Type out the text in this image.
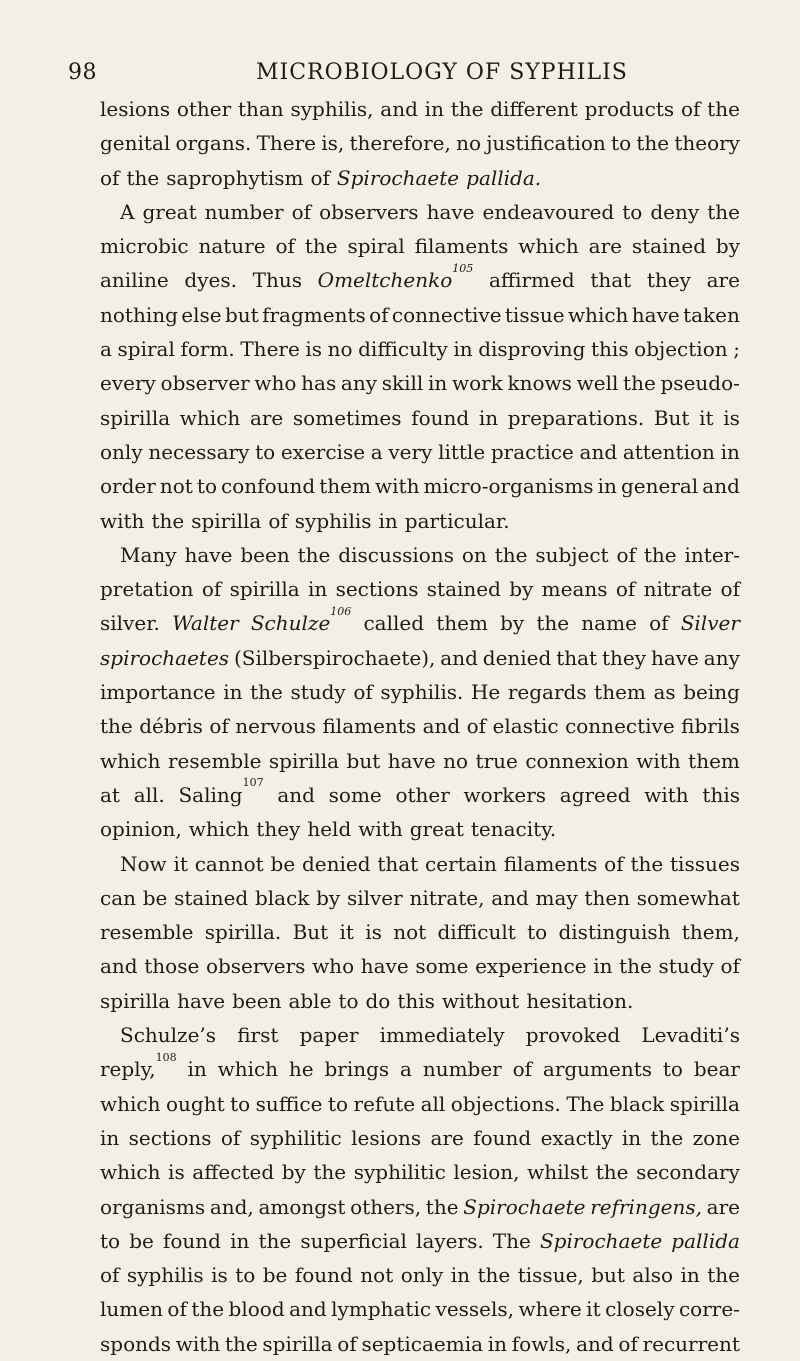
98	MICROBIOLOGY OF SYPHILIS
lesions other than syphilis, and in the different products of the
genital organs. There is, therefore, no justification to the theory
of the saprophytism of Spirochaete pallida.
A great number of observers have endeavoured to deny the
microbic nature of the spiral filaments which are stained by
aniline dyes. Thus Omeltchenko$^{105}$
affirmed that they are
nothing else but fragments of connective tissue which have taken
a spiral form. There is no difficulty in disproving this objection ;
every observer who has any skill in work knows well the pseudo-
spirilla which are sometimes found in preparations. But it is
only necessary to exercise a very little practice and attention in
order not to confound them with micro-organisms in general and
with the spirilla of syphilis in particular.
Many have been the discussions on the subject of the inter-
pretation of spirilla in sections stained by means of nitrate of
silver. Walter Schulze$^{106}$
called them by the name of Silver
spirochaetes (Silberspirochaete), and denied that they have any
importance in the study of syphilis. He regards them as being
the débris of nervous filaments and of elastic connective fibrils
which resemble spirilla but have no true connexion with them
at all. Saling$^{107}$
and some other workers agreed with this
opinion, which they held with great tenacity.
Now it cannot be denied that certain filaments of the tissues
can be stained black by silver nitrate, and may then somewhat
resemble spirilla. But it is not difficult to distinguish them,
and those observers who have some experience in the study of
spirilla have been able to do this without hesitation.
Schulze’s first paper immediately provoked Levaditi’s
reply,$^{108}$
in which he brings a number of arguments to bear
which ought to suffice to refute all objections. The black spirilla
in sections of syphilitic lesions are found exactly in the zone
which is affected by the syphilitic lesion, whilst the secondary
organisms and, amongst others, the Spirochaete refringens, are
to be found in the superficial layers. The Spirochaete pallida
of syphilis is to be found not only in the tissue, but also in the
lumen of the blood and lymphatic vessels, where it closely corre-
sponds with the spirilla of septicaemia in fowls, and of recurrent
